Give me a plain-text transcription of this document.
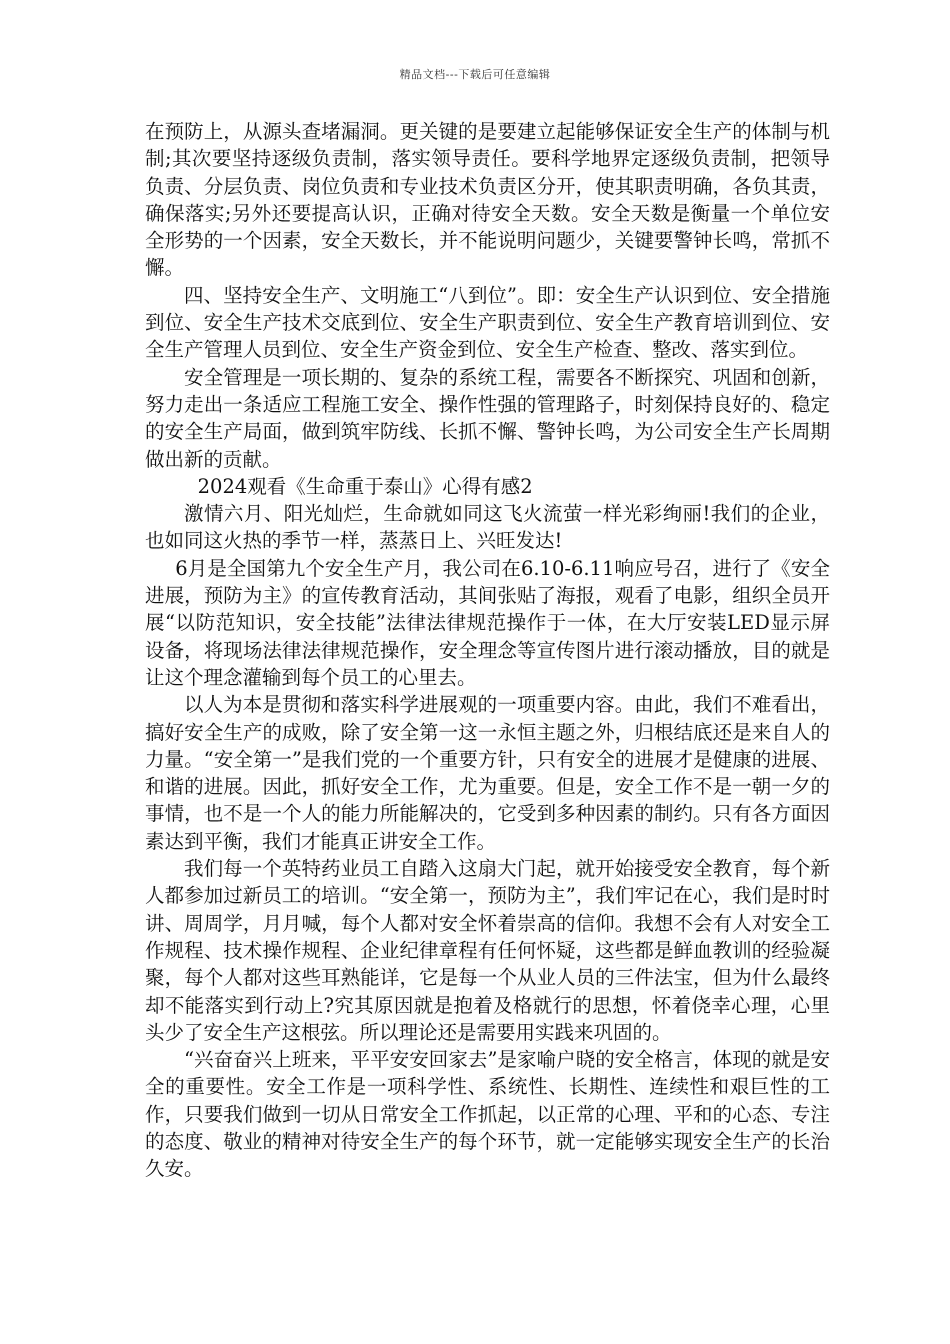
精品文档---下载后可任意编辑

在预防上，从源头查堵漏洞。更关键的是要建立起能够保证安全生产的体制与机制;其次要坚持逐级负责制，落实领导责任。要科学地界定逐级负责制，把领导负责、分层负责、岗位负责和专业技术负责区分开，使其职责明确，各负其责，确保落实;另外还要提高认识，正确对待安全天数。安全天数是衡量一个单位安全形势的一个因素，安全天数长，并不能说明问题少，关键要警钟长鸣，常抓不懈。

四、坚持安全生产、文明施工“八到位”。即：安全生产认识到位、安全措施到位、安全生产技术交底到位、安全生产职责到位、安全生产教育培训到位、安全生产管理人员到位、安全生产资金到位、安全生产检查、整改、落实到位。

安全管理是一项长期的、复杂的系统工程，需要各不断探究、巩固和创新，努力走出一条适应工程施工安全、操作性强的管理路子，时刻保持良好的、稳定的安全生产局面，做到筑牢防线、长抓不懈、警钟长鸣，为公司安全生产长周期做出新的贡献。

2024观看《生命重于泰山》心得有感2

激情六月、阳光灿烂，生命就如同这飞火流萤一样光彩绚丽!我们的企业，也如同这火热的季节一样，蒸蒸日上、兴旺发达!

6月是全国第九个安全生产月，我公司在6.10-6.11响应号召，进行了《安全进展，预防为主》的宣传教育活动，其间张贴了海报，观看了电影，组织全员开展“以防范知识，安全技能”法律法律规范操作于一体，在大厅安装LED显示屏设备，将现场法律法律规范操作，安全理念等宣传图片进行滚动播放，目的就是让这个理念灌输到每个员工的心里去。

以人为本是贯彻和落实科学进展观的一项重要内容。由此，我们不难看出，搞好安全生产的成败，除了安全第一这一永恒主题之外，归根结底还是来自人的力量。“安全第一”是我们党的一个重要方针，只有安全的进展才是健康的进展、和谐的进展。因此，抓好安全工作，尤为重要。但是，安全工作不是一朝一夕的事情，也不是一个人的能力所能解决的，它受到多种因素的制约。只有各方面因素达到平衡，我们才能真正讲安全工作。

我们每一个英特药业员工自踏入这扇大门起，就开始接受安全教育，每个新人都参加过新员工的培训。“安全第一，预防为主”，我们牢记在心，我们是时时讲、周周学，月月喊，每个人都对安全怀着崇高的信仰。我想不会有人对安全工作规程、技术操作规程、企业纪律章程有任何怀疑，这些都是鲜血教训的经验凝聚，每个人都对这些耳熟能详，它是每一个从业人员的三件法宝，但为什么最终却不能落实到行动上?究其原因就是抱着及格就行的思想，怀着侥幸心理，心里头少了安全生产这根弦。所以理论还是需要用实践来巩固的。

“兴奋奋兴上班来，平平安安回家去”是家喻户晓的安全格言，体现的就是安全的重要性。安全工作是一项科学性、系统性、长期性、连续性和艰巨性的工作，只要我们做到一切从日常安全工作抓起，以正常的心理、平和的心态、专注的态度、敬业的精神对待安全生产的每个环节，就一定能够实现安全生产的长治久安。
